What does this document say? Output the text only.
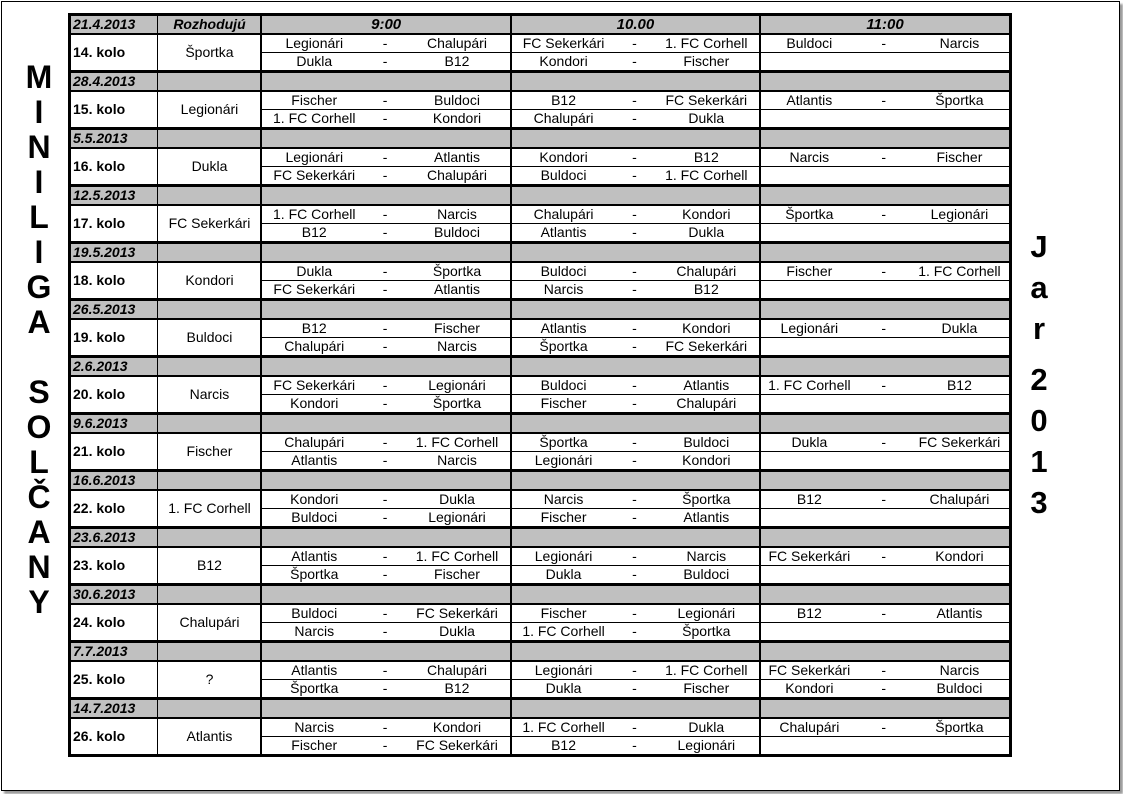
M
I
N
I
L
I
G
A
S
O
L
Č
A
N
Y
J
a
r
2
0
1
3
21.4.2013	Rozhodujú	9:00			10.00			11:00		
14. kolo	Športka	Legionári	-	Chalupári	FC Sekerkári	-	1. FC Corhell	Buldoci	-	Narcis
		Dukla	-	B12	Kondori	-	Fischer			
28.4.2013										
15. kolo	Legionári	Fischer	-	Buldoci	B12	-	FC Sekerkári	Atlantis	-	Športka
		1. FC Corhell	-	Kondori	Chalupári	-	Dukla			
5.5.2013										
16. kolo	Dukla	Legionári	-	Atlantis	Kondori	-	B12	Narcis	-	Fischer
		FC Sekerkári	-	Chalupári	Buldoci	-	1. FC Corhell			
12.5.2013										
17. kolo	FC Sekerkári	1. FC Corhell	-	Narcis	Chalupári	-	Kondori	Športka	-	Legionári
		B12	-	Buldoci	Atlantis	-	Dukla			
19.5.2013										
18. kolo	Kondori	Dukla	-	Športka	Buldoci	-	Chalupári	Fischer	-	1. FC Corhell
		FC Sekerkári	-	Atlantis	Narcis	-	B12			
26.5.2013										
19. kolo	Buldoci	B12	-	Fischer	Atlantis	-	Kondori	Legionári	-	Dukla
		Chalupári	-	Narcis	Športka	-	FC Sekerkári			
2.6.2013										
20. kolo	Narcis	FC Sekerkári	-	Legionári	Buldoci	-	Atlantis	1. FC Corhell	-	B12
		Kondori	-	Športka	Fischer	-	Chalupári			
9.6.2013										
21. kolo	Fischer	Chalupári	-	1. FC Corhell	Športka	-	Buldoci	Dukla	-	FC Sekerkári
		Atlantis	-	Narcis	Legionári	-	Kondori			
16.6.2013										
22. kolo	1. FC Corhell	Kondori	-	Dukla	Narcis	-	Športka	B12	-	Chalupári
		Buldoci	-	Legionári	Fischer	-	Atlantis			
23.6.2013										
23. kolo	B12	Atlantis	-	1. FC Corhell	Legionári	-	Narcis	FC Sekerkári	-	Kondori
		Športka	-	Fischer	Dukla	-	Buldoci			
30.6.2013										
24. kolo	Chalupári	Buldoci	-	FC Sekerkári	Fischer	-	Legionári	B12	-	Atlantis
		Narcis	-	Dukla	1. FC Corhell	-	Športka			
7.7.2013										
25. kolo	?	Atlantis	-	Chalupári	Legionári	-	1. FC Corhell	FC Sekerkári	-	Narcis
		Športka	-	B12	Dukla	-	Fischer	Kondori	-	Buldoci
14.7.2013										
26. kolo	Atlantis	Narcis	-	Kondori	1. FC Corhell	-	Dukla	Chalupári	-	Športka
		Fischer	-	FC Sekerkári	B12	-	Legionári			
